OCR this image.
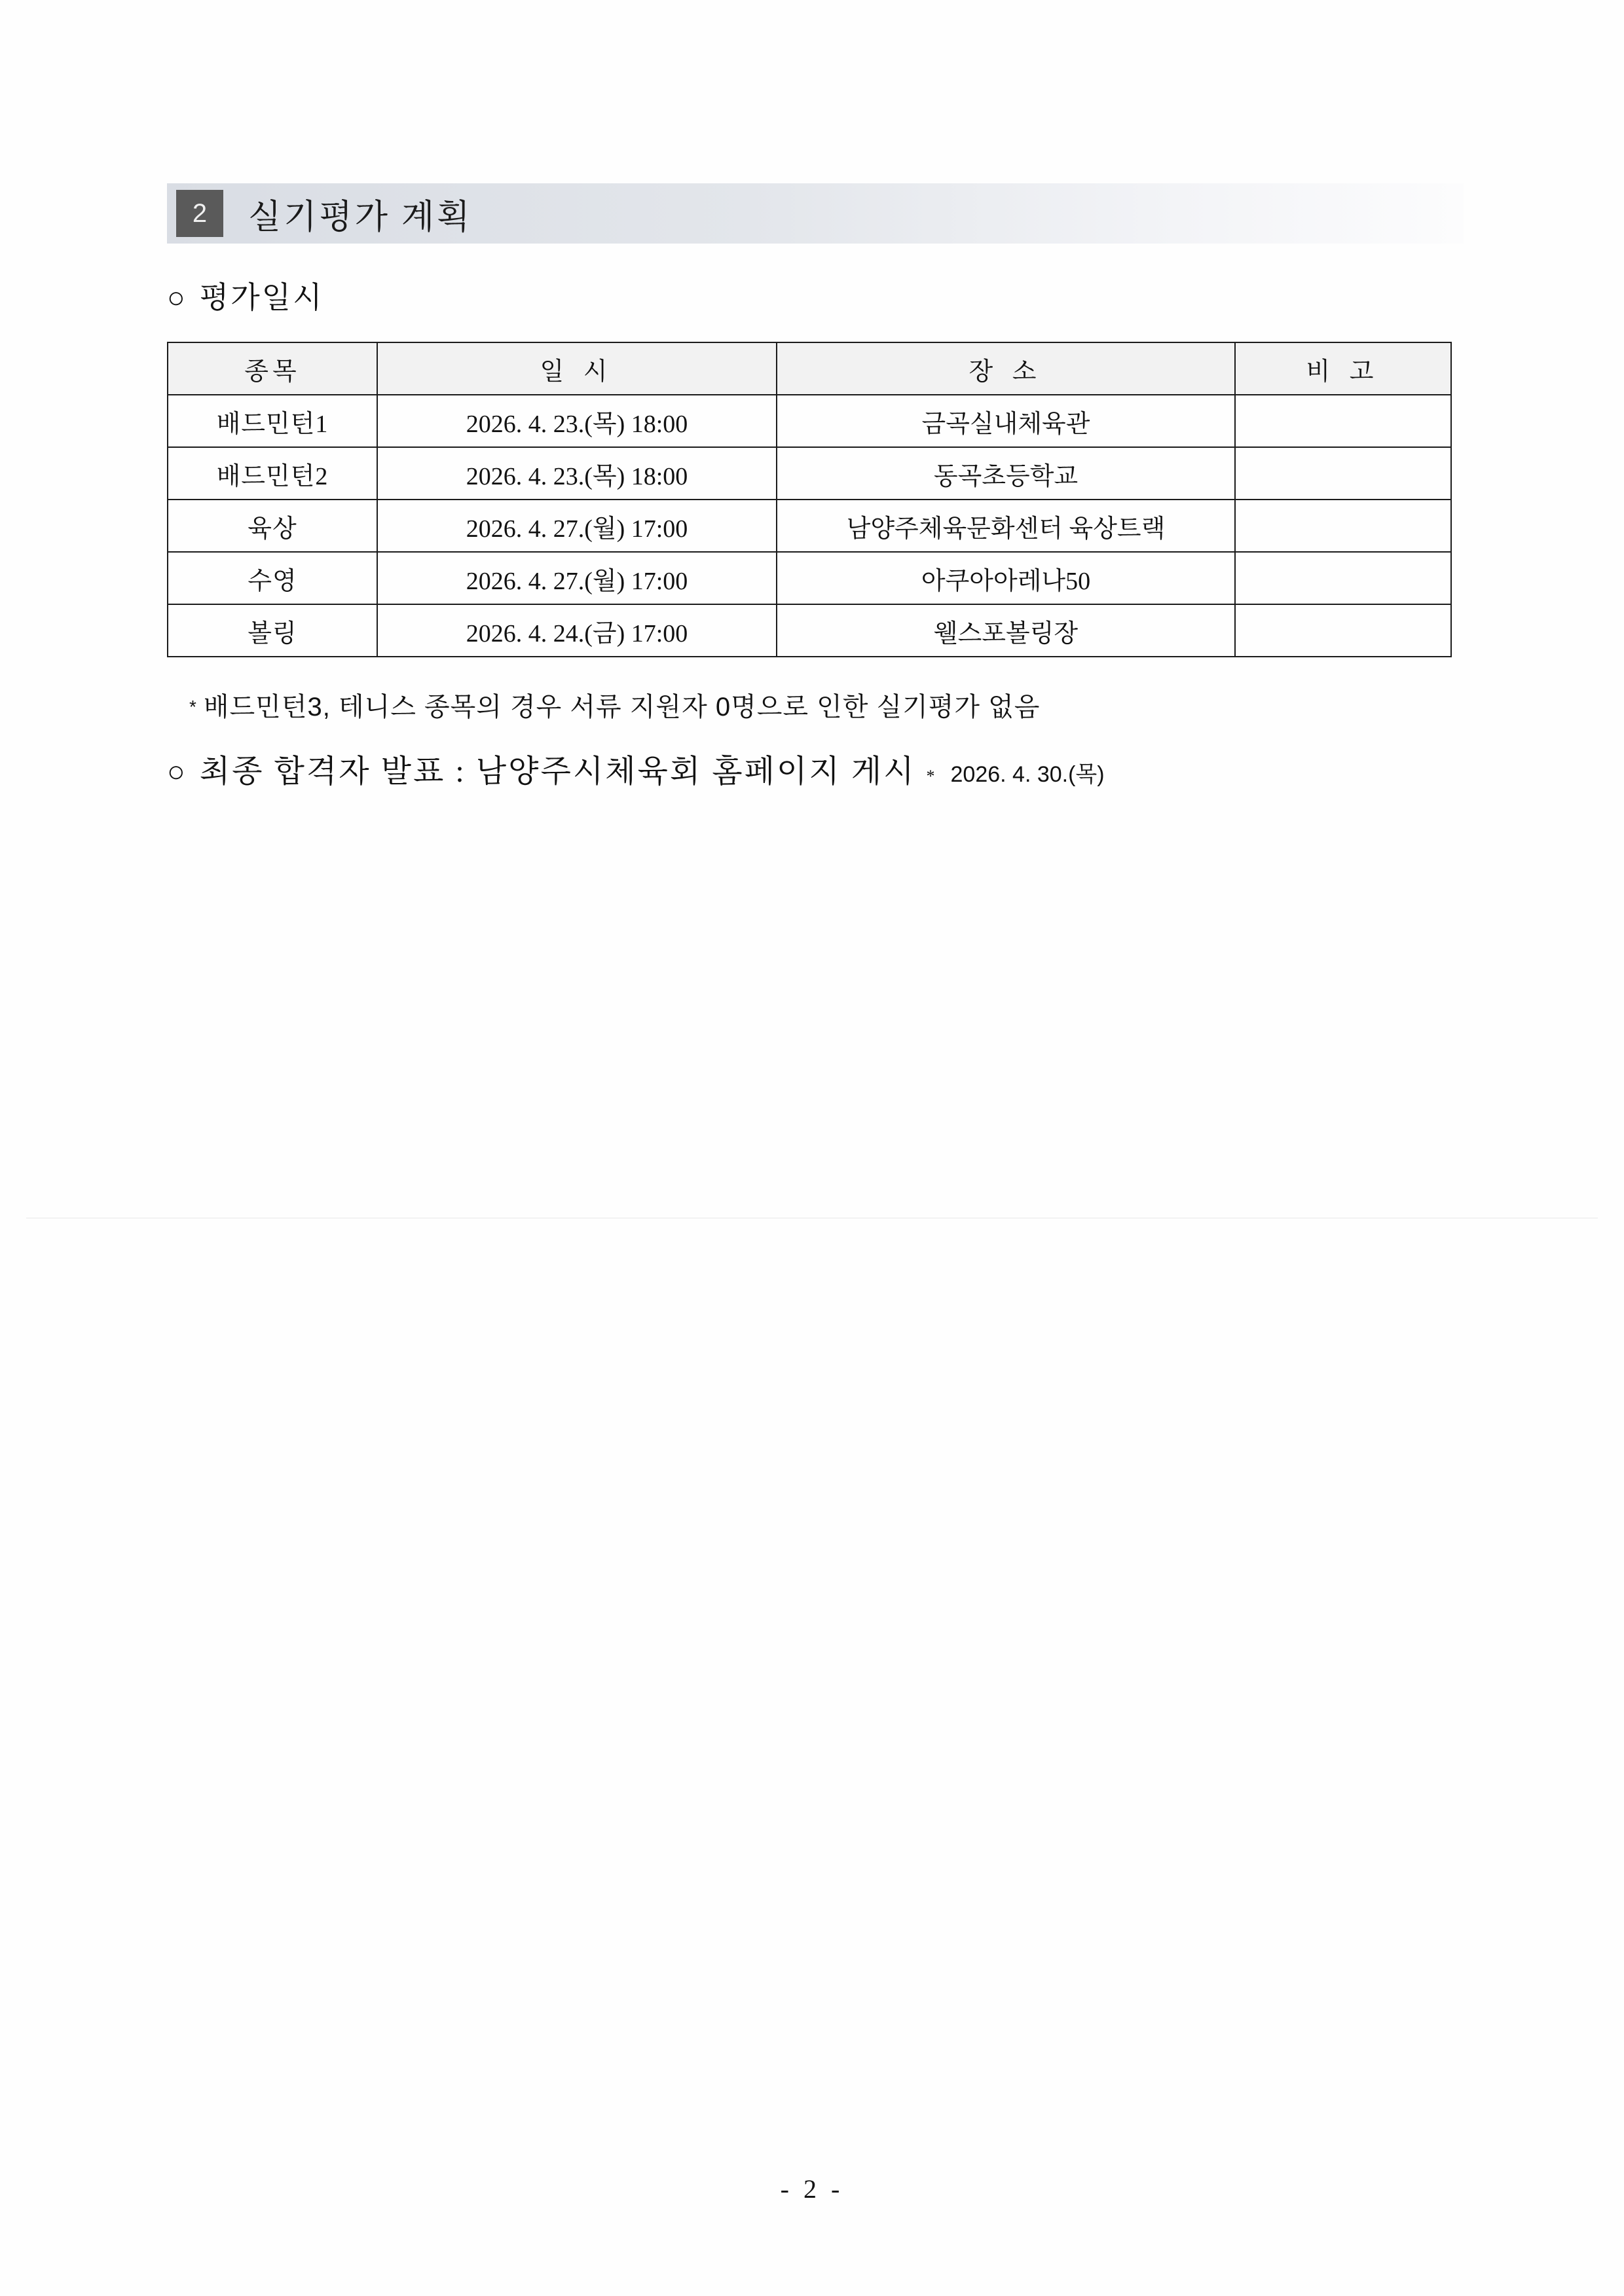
2	실기평가 계획
○ 평가일시
종목	일 시	장 소	비 고
배드민턴1	2026. 4. 23.(목) 18:00	금곡실내체육관	
배드민턴2	2026. 4. 23.(목) 18:00	동곡초등학교	
육상	2026. 4. 27.(월) 17:00	남양주체육문화센터 육상트랙	
수영	2026. 4. 27.(월) 17:00	아쿠아아레나50	
볼링	2026. 4. 24.(금) 17:00	웰스포볼링장	
* 배드민턴3, 테니스 종목의 경우 서류 지원자 0명으로 인한 실기평가 없음
○ 최종 합격자 발표 : 남양주시체육회 홈페이지 게시 * 2026. 4. 30.(목)
- 2 -
